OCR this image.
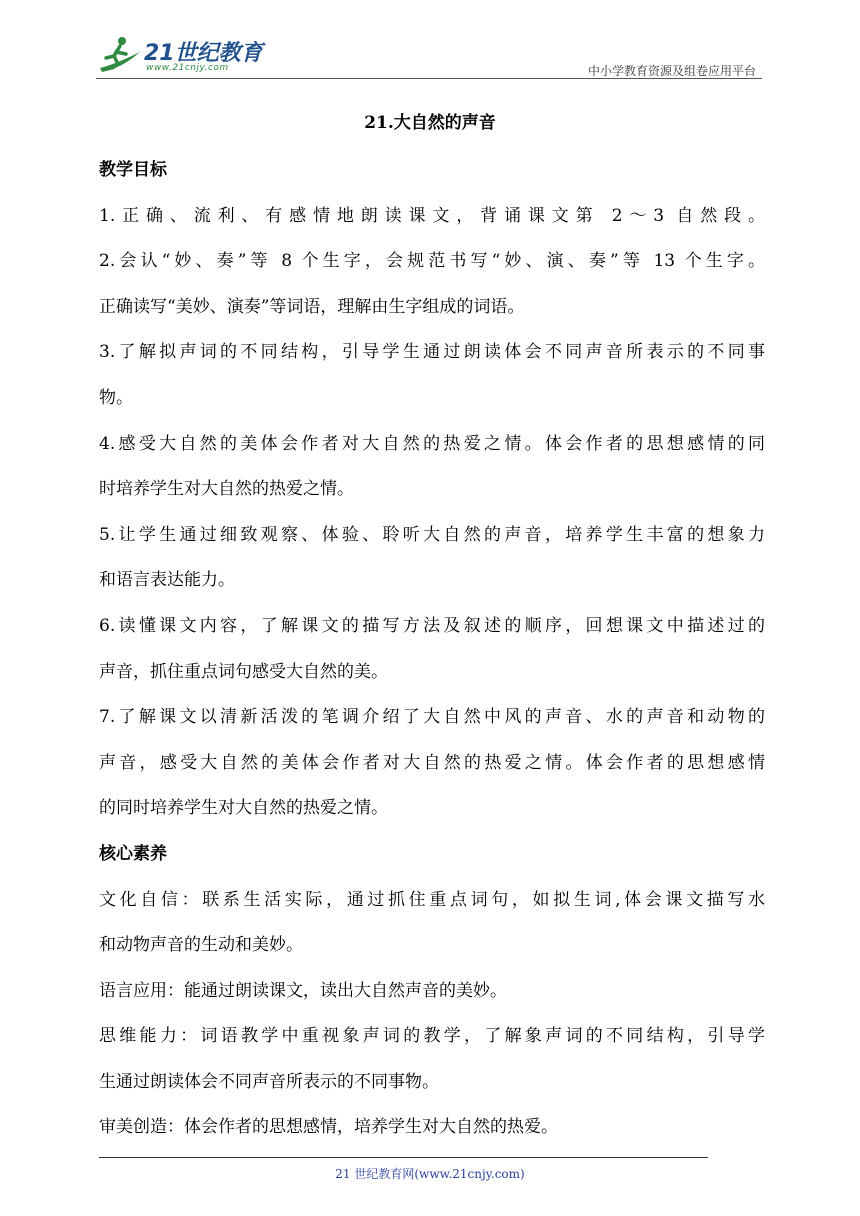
21世纪教育
www.21cnjy.com	中小学教育资源及组卷应用平台
21.大自然的声音
教学目标
1.正确、流利、有感情地朗读课文，背诵课文第 2～3 自然段。
2.会认“妙、奏”等 8 个生字，会规范书写“妙、演、奏”等 13 个生字。
正确读写“美妙、演奏”等词语，理解由生字组成的词语。
3.了解拟声词的不同结构，引导学生通过朗读体会不同声音所表示的不同事
物。
4.感受大自然的美体会作者对大自然的热爱之情。体会作者的思想感情的同
时培养学生对大自然的热爱之情。
5.让学生通过细致观察、体验、聆听大自然的声音，培养学生丰富的想象力
和语言表达能力。
6.读懂课文内容，了解课文的描写方法及叙述的顺序，回想课文中描述过的
声音，抓住重点词句感受大自然的美。
7.了解课文以清新活泼的笔调介绍了大自然中风的声音、水的声音和动物的
声音，感受大自然的美体会作者对大自然的热爱之情。体会作者的思想感情
的同时培养学生对大自然的热爱之情。
核心素养
文化自信：联系生活实际，通过抓住重点词句，如拟生词,体会课文描写水
和动物声音的生动和美妙。
语言应用：能通过朗读课文，读出大自然声音的美妙。
思维能力：词语教学中重视象声词的教学，了解象声词的不同结构，引导学
生通过朗读体会不同声音所表示的不同事物。
审美创造：体会作者的思想感情，培养学生对大自然的热爱。
21 世纪教育网(www.21cnjy.com)
